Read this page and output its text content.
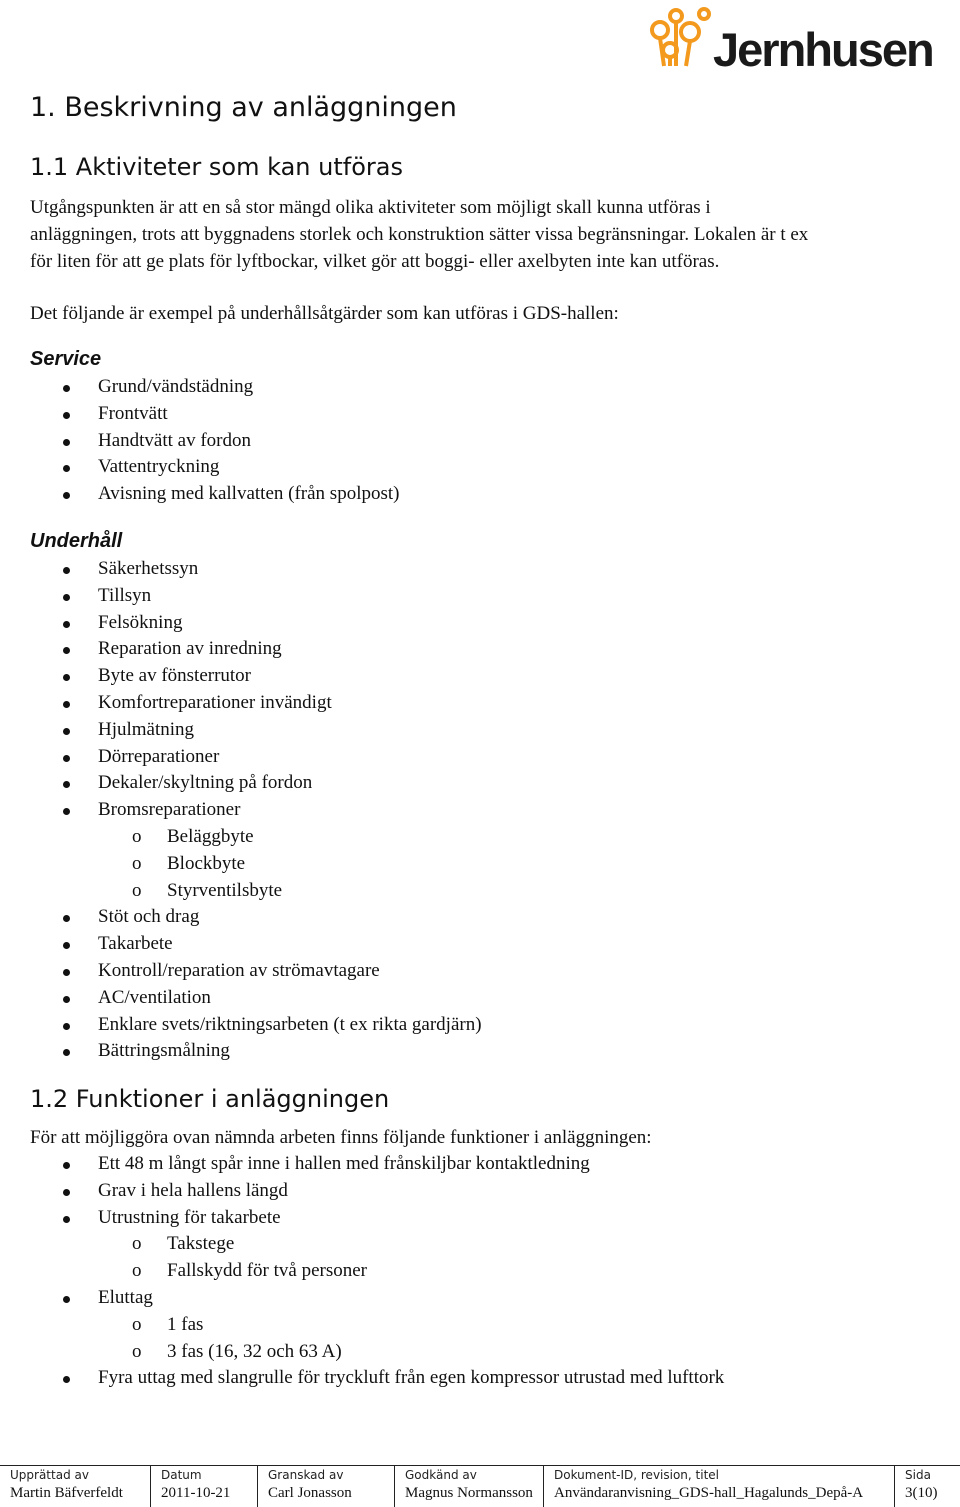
Jernhusen
1. Beskrivning av anläggningen
1.1 Aktiviteter som kan utföras
Utgångspunkten är att en så stor mängd olika aktiviteter som möjligt skall kunna utföras i
anläggningen, trots att byggnadens storlek och konstruktion sätter vissa begränsningar. Lokalen är t ex
för liten för att ge plats för lyftbockar, vilket gör att boggi- eller axelbyten inte kan utföras.
Det följande är exempel på underhållsåtgärder som kan utföras i GDS-hallen:
Service
Grund/vändstädning
Frontvätt
Handtvätt av fordon
Vattentryckning
Avisning med kallvatten (från spolpost)
Underhåll
Säkerhetssyn
Tillsyn
Felsökning
Reparation av inredning
Byte av fönsterrutor
Komfortreparationer invändigt
Hjulmätning
Dörreparationer
Dekaler/skyltning på fordon
Bromsreparationer
o Beläggbyte
o Blockbyte
o Styrventilsbyte
Stöt och drag
Takarbete
Kontroll/reparation av strömavtagare
AC/ventilation
Enklare svets/riktningsarbeten (t ex rikta gardjärn)
Bättringsmålning
1.2 Funktioner i anläggningen
För att möjliggöra ovan nämnda arbeten finns följande funktioner i anläggningen:
Ett 48 m långt spår inne i hallen med frånskiljbar kontaktledning
Grav i hela hallens längd
Utrustning för takarbete
o Takstege
o Fallskydd för två personer
Eluttag
o 1 fas
o 3 fas (16, 32 och 63 A)
Fyra uttag med slangrulle för tryckluft från egen kompressor utrustad med lufttork
Upprättad av
Martin Bäfverfeldt
Datum
2011-10-21
Granskad av
Carl Jonasson
Godkänd av
Magnus Normansson
Dokument-ID, revision, titel
Användaranvisning_GDS-hall_Hagalunds_Depå-A
Sida
3(10)
